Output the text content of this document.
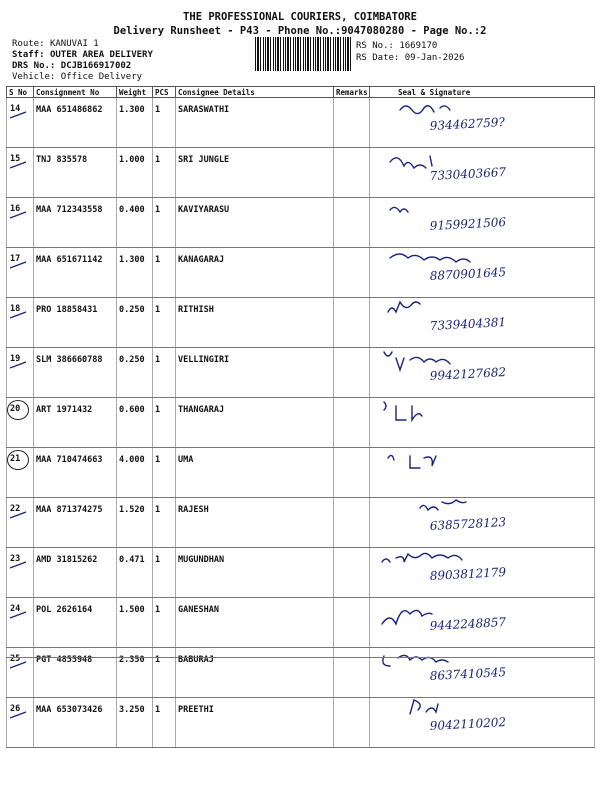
THE PROFESSIONAL COURIERS, COIMBATORE
Delivery Runsheet - P43 - Phone No.:9047080280 - Page No.:2
Route: KANUVAI 1
Staff: OUTER AREA DELIVERY
DRS No.: DCJB166917002
Vehicle: Office Delivery
RS No.: 1669170
RS Date: 09-Jan-2026
S No	Consignment No	Weight	PCS	Consignee Details	Remarks	Seal & Signature

14	MAA 651486862	1.300	1	SARASWATHI		934462759?

15	TNJ 835578	1.000	1	SRI JUNGLE		7330403667

16	MAA 712343558	0.400	1	KAVIYARASU		9159921506

17	MAA 651671142	1.300	1	KANAGARAJ		8870901645

18	PRO 18858431	0.250	1	RITHISH		7339404381

19	SLM 386660788	0.250	1	VELLINGIRI		9942127682

20	ART 1971432	0.600	1	THANGARAJ		

21	MAA 710474663	4.000	1	UMA		

22	MAA 871374275	1.520	1	RAJESH		6385728123

23	AMD 31815262	0.471	1	MUGUNDHAN		8903812179

24	POL 2626164	1.500	1	GANESHAN		9442248857

25	PGT 4855948	2.350	1	BABURAJ		8637410545

26	MAA 653073426	3.250	1	PREETHI		9042110202
